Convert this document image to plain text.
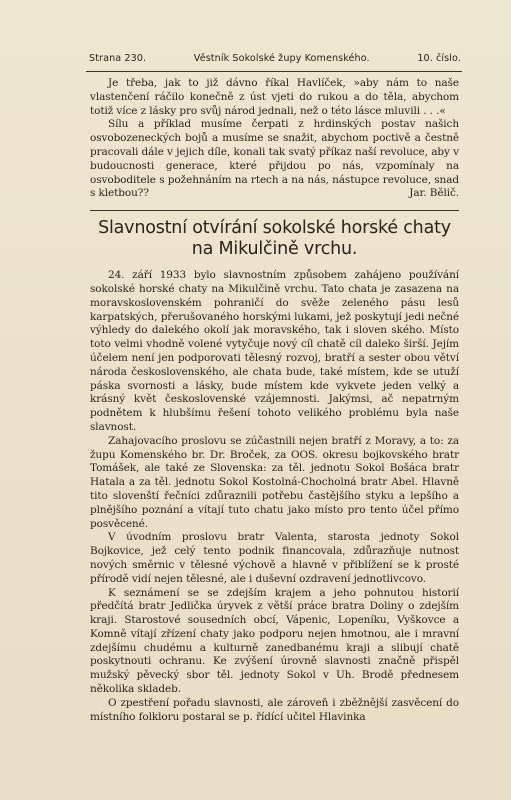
Strana 230.	Věstník Sokolské župy Komenského.	10. číslo.

Je třeba, jak to již dávno říkal Havlíček, »aby nám to naše vlastenčení ráčilo konečně z úst vjeti do rukou a do těla, abychom totiž více z lásky pro svůj národ jednali, než o této lásce mluvili . . .«

Sílu a příklad musíme čerpati z hrdinských postav našich osvobozeneckých bojů a musíme se snažit, abychom poctivě a čestně pracovali dále v jejich díle, konali tak svatý příkaz naší revoluce, aby v budoucnosti generace, které přijdou po nás, vzpomínaly na osvoboditele s požehnáním na rtech a na nás, nástupce revoluce, snad s kletbou??	Jar. Bělič.

Slavnostní otvírání sokolské horské chaty
na Mikulčině vrchu.

24. září 1933 bylo slavnostním způsobem zahájeno používání sokolské horské chaty na Mikulčině vrchu. Tato chata je zasazena na moravskoslovenském pohraničí do svěže zeleného pásu lesů karpatských, přerušovaného horskými lukami, jež poskytují jedi nečné výhledy do dalekého okolí jak moravského, tak i sloven ského. Místo toto velmi vhodně volené vytyčuje nový cíl chatě cíl daleko širší. Jejím účelem není jen podporovati tělesný rozvoj, bratří a sester obou větví národa československého, ale chata bude, také místem, kde se utuží páska svornosti a lásky, bude místem kde vykvete jeden velký a krásný květ československé vzájemnosti. Jakýmsi, ač nepatrným podnětem k hlubšímu řešení tohoto velikého problému byla naše slavnost.

Zahajovacího proslovu se zúčastnili nejen bratří z Moravy, a to: za župu Komenského br. Dr. Broček, za OOS. okresu bojkovského bratr Tomášek, ale také ze Slovenska: za těl. jednotu Sokol Bošáca bratr Hatala a za těl. jednotu Sokol Kostolná-Chocholná bratr Abel. Hlavně tito slovenští řečníci zdůraznili potřebu častějšího styku a lepšího a plnějšího poznání a vítají tuto chatu jako místo pro tento účel přímo posvěcené.

V úvodním proslovu bratr Valenta, starosta jednoty Sokol Bojkovice, jež celý tento podnik financovala, zdůrazňuje nutnost nových směrnic v tělesné výchově a hlavně v přiblížení se k prosté přírodě vidí nejen tělesné, ale i duševní ozdravení jednotlivcovo.

K seznámení se se zdejším krajem a jeho pohnutou historií předčítá bratr Jedlička úryvek z větší práce bratra Doliny o zdejším kraji. Starostové sousedních obcí, Vápenic, Lopeníku, Vyškovce a Komně vítají zřízení chaty jako podporu nejen hmotnou, ale i mravní zdejšímu chudému a kulturně zanedbanému kraji a slibují chatě poskytnouti ochranu. Ke zvýšení úrovně slavnosti značně přispěl mužský pěvecký sbor těl. jednoty Sokol v Uh. Brodě přednesem několika skladeb.

O zpestření pořadu slavnosti, ale zároveň i zběžnější zasvěcení do místního folkloru postaral se p. řídící učitel Hlavinka
